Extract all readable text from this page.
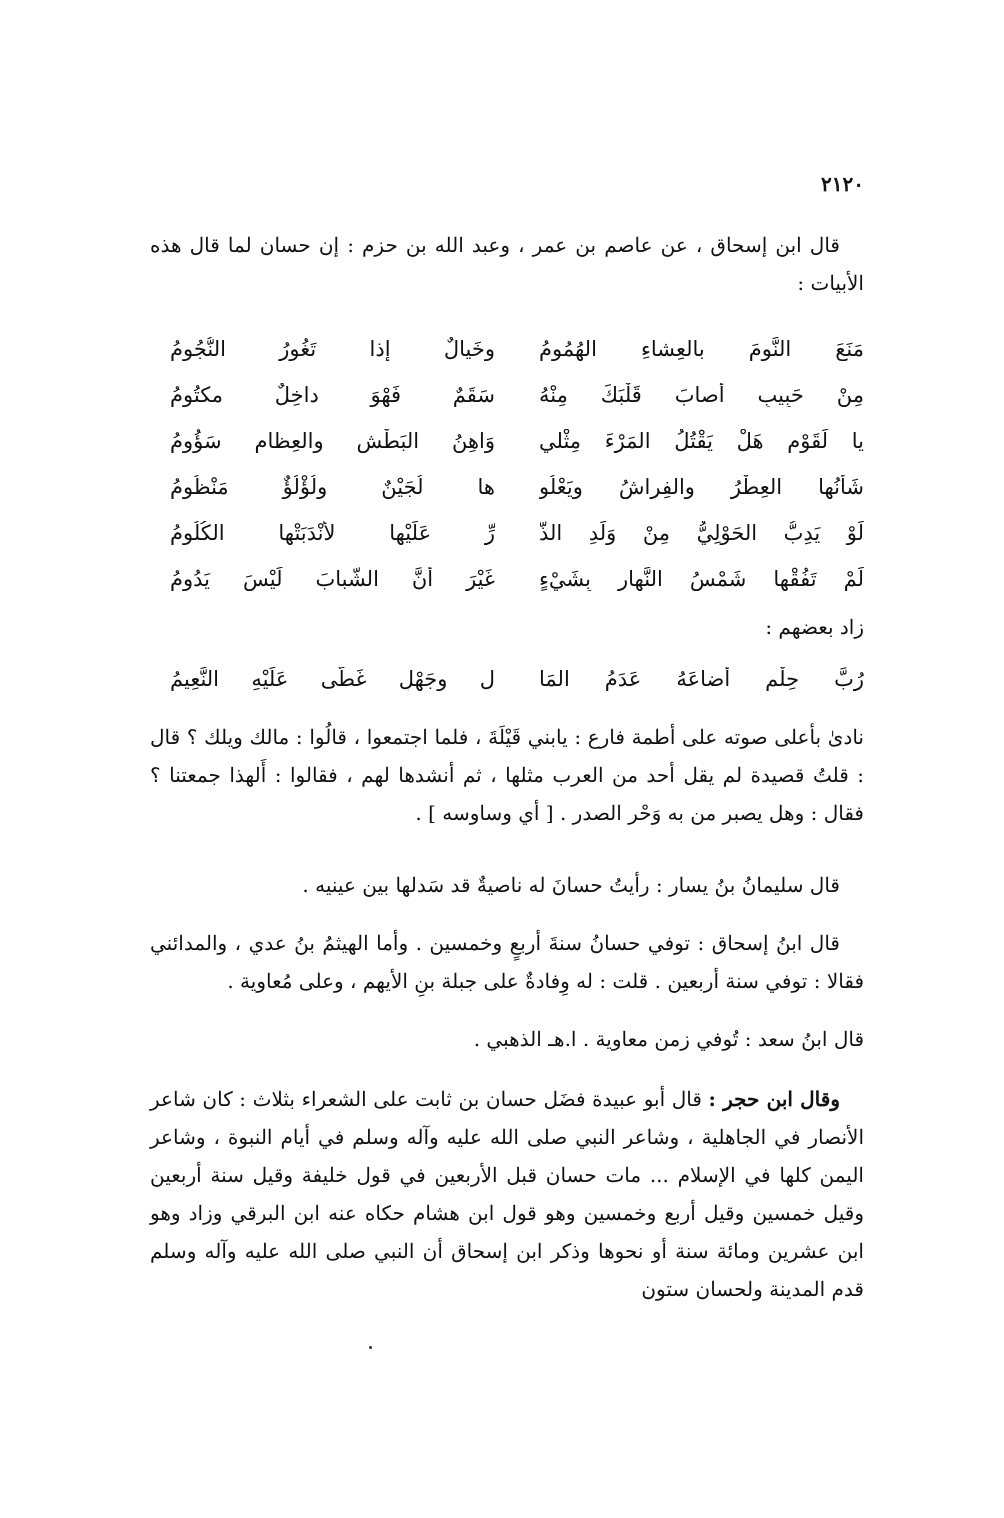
٢١٢٠

قال ابن إسحاق ، عن عاصم بن عمر ، وعبد الله بن حزم : إن حسان لما قال هذه الأبيات :

مَنَعَ النَّومَ بالعِشاءِ الهُمُومُ
وخَيالٌ إذا تَغُورُ النُّجُومُ
مِنْ حَبِيبٍ أَصابَ قَلْبَكَ مِنْهُ
سَقَمٌ فَهْوَ داخِلٌ مكتُومُ
يا لَقَوْمِ هَلْ يَقْتُلُ المَرْءَ مِثْلي
وَاهِنُ البَطْشِ والعِظامِ سَؤُومُ
شَأْنُها العِطْرُ والفِراشُ ويَعْلُو
ها لُجَيْنٌ ولُؤْلُؤٌ مَنْظُومُ
لَوْ يَدِبُّ الحَوْلِيُّ مِنْ وَلَدِ الذَّ
رِّ عَلَيْها لأَنْدَبَتْها الكُلُومُ
لَمْ تَفُقْها شَمْسُ النَّهارِ بِشَيْءٍ
غَيْرَ أَنَّ الشَّبابَ لَيْسَ يَدُومُ

زاد بعضهم :

رُبَّ حِلْمٍ أَضاعَهُ عَدَمُ المَا
لِ وجَهْلٍ غَطَّى عَلَيْهِ النَّعِيمُ

نادىٰ بأعلى صوته على أطمة فارع : يابني قَيْلَةَ ، فلما اجتمعوا ، قالُوا : مالك ويلك ؟ قال : قلتُ قصيدة لم يقل أحد من العرب مثلها ، ثم أنشدها لهم ، فقالوا : أَلهذا جمعتنا ؟ فقال : وهل يصبر من به وَحْر الصدر . [ أي وساوسه ] .

قال سليمانُ بنُ يسار : رأيتُ حسانَ له ناصيةٌ قد سَدلها بين عينيه .

قال ابنُ إسحاق : توفي حسانُ سنةَ أربعٍ وخمسين . وأما الهيثمُ بنُ عدي ، والمدائني فقالا : توفي سنة أربعين . قلت : له وِفادةٌ على جبلة بنِ الأيهم ، وعلى مُعاوية .

قال ابنُ سعد : تُوفي زمن معاوية . ا.هـ الذهبي .

وقال ابن حجر : قال أبو عبيدة فضَل حسان بن ثابت على الشعراء بثلاث : كان شاعر الأنصار في الجاهلية ، وشاعر النبي صلى الله عليه وآله وسلم في أيام النبوة ، وشاعر اليمن كلها في الإسلام ... مات حسان قبل الأربعين في قول خليفة وقيل سنة أربعين وقيل خمسين وقيل أربع وخمسين وهو قول ابن هشام حكاه عنه ابن البرقي وزاد وهو ابن عشرين ومائة سنة أو نحوها وذكر ابن إسحاق أن النبي صلى الله عليه وآله وسلم قدم المدينة ولحسان ستون
